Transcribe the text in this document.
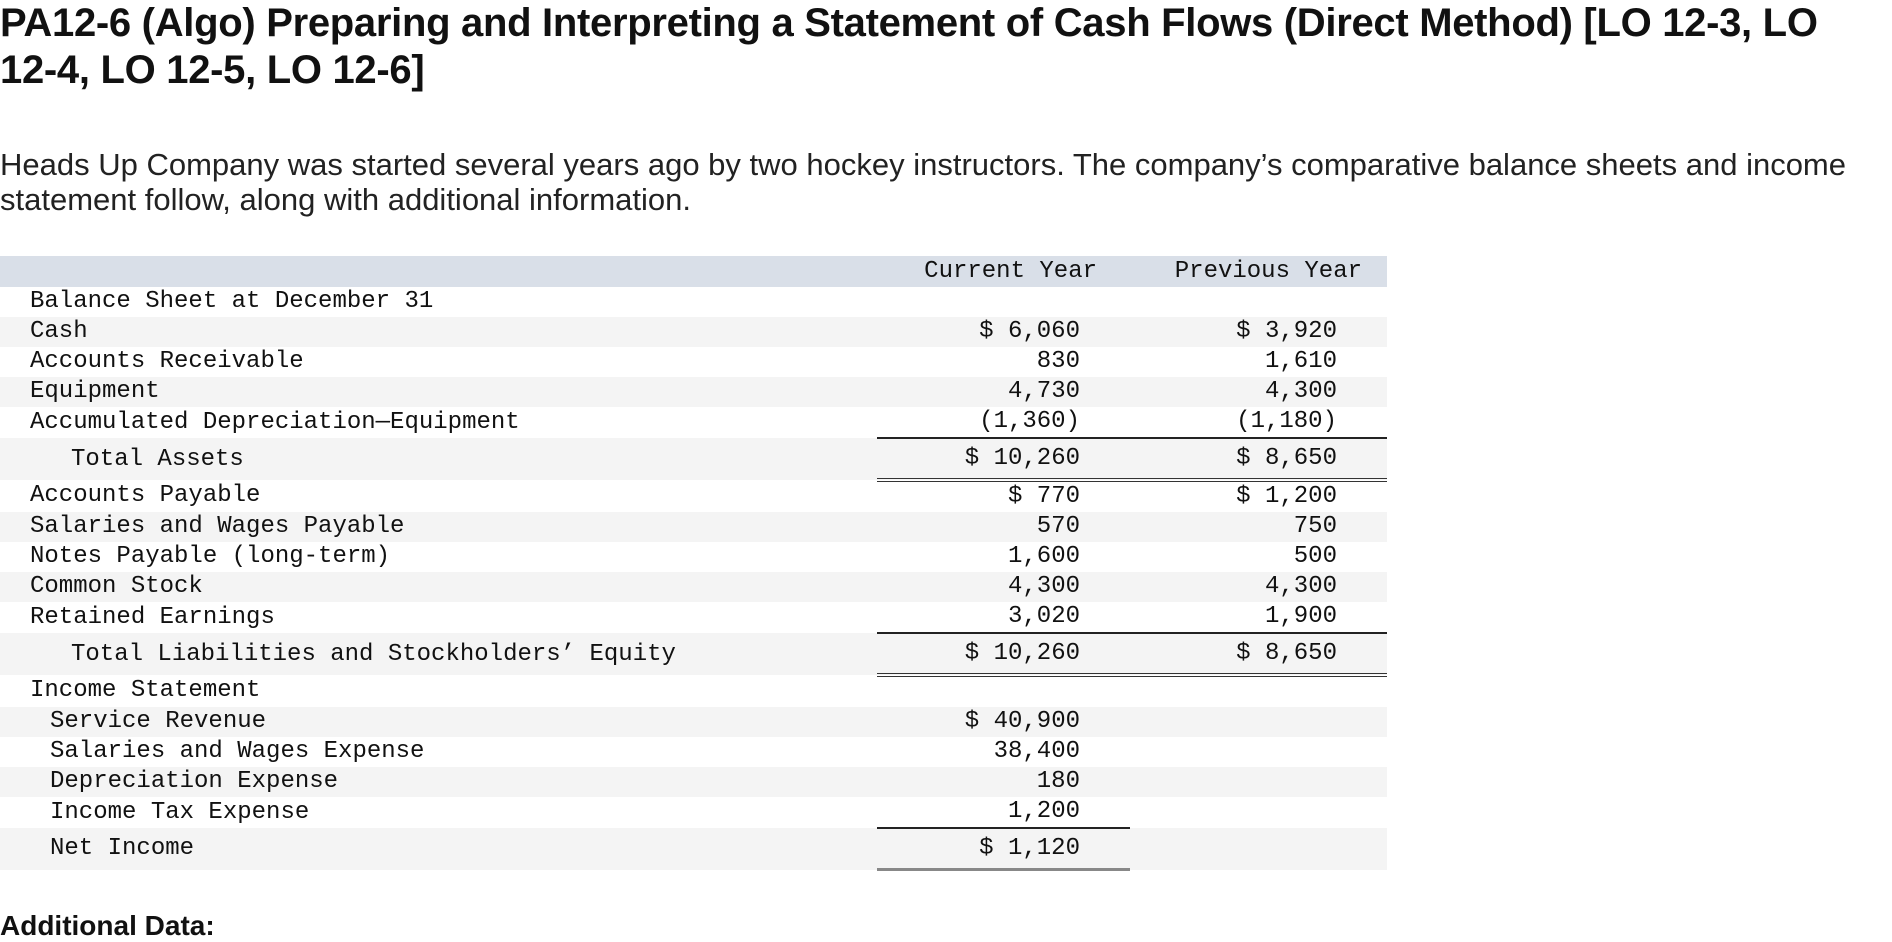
PA12-6 (Algo) Preparing and Interpreting a Statement of Cash Flows (Direct Method) [LO 12-3, LO 12-4, LO 12-5, LO 12-6]

Heads Up Company was started several years ago by two hockey instructors. The company’s comparative balance sheets and income statement follow, along with additional information.

	Current Year	Previous Year
Balance Sheet at December 31		
Cash	$ 6,060	$ 3,920
Accounts Receivable	830	1,610
Equipment	4,730	4,300
Accumulated Depreciation—Equipment	(1,360)	(1,180)
Total Assets	$ 10,260	$ 8,650
Accounts Payable	$ 770	$ 1,200
Salaries and Wages Payable	570	750
Notes Payable (long-term)	1,600	500
Common Stock	4,300	4,300
Retained Earnings	3,020	1,900
Total Liabilities and Stockholders’ Equity	$ 10,260	$ 8,650
Income Statement		
Service Revenue	$ 40,900	
Salaries and Wages Expense	38,400	
Depreciation Expense	180	
Income Tax Expense	1,200	
Net Income	$ 1,120	
Additional Data:
